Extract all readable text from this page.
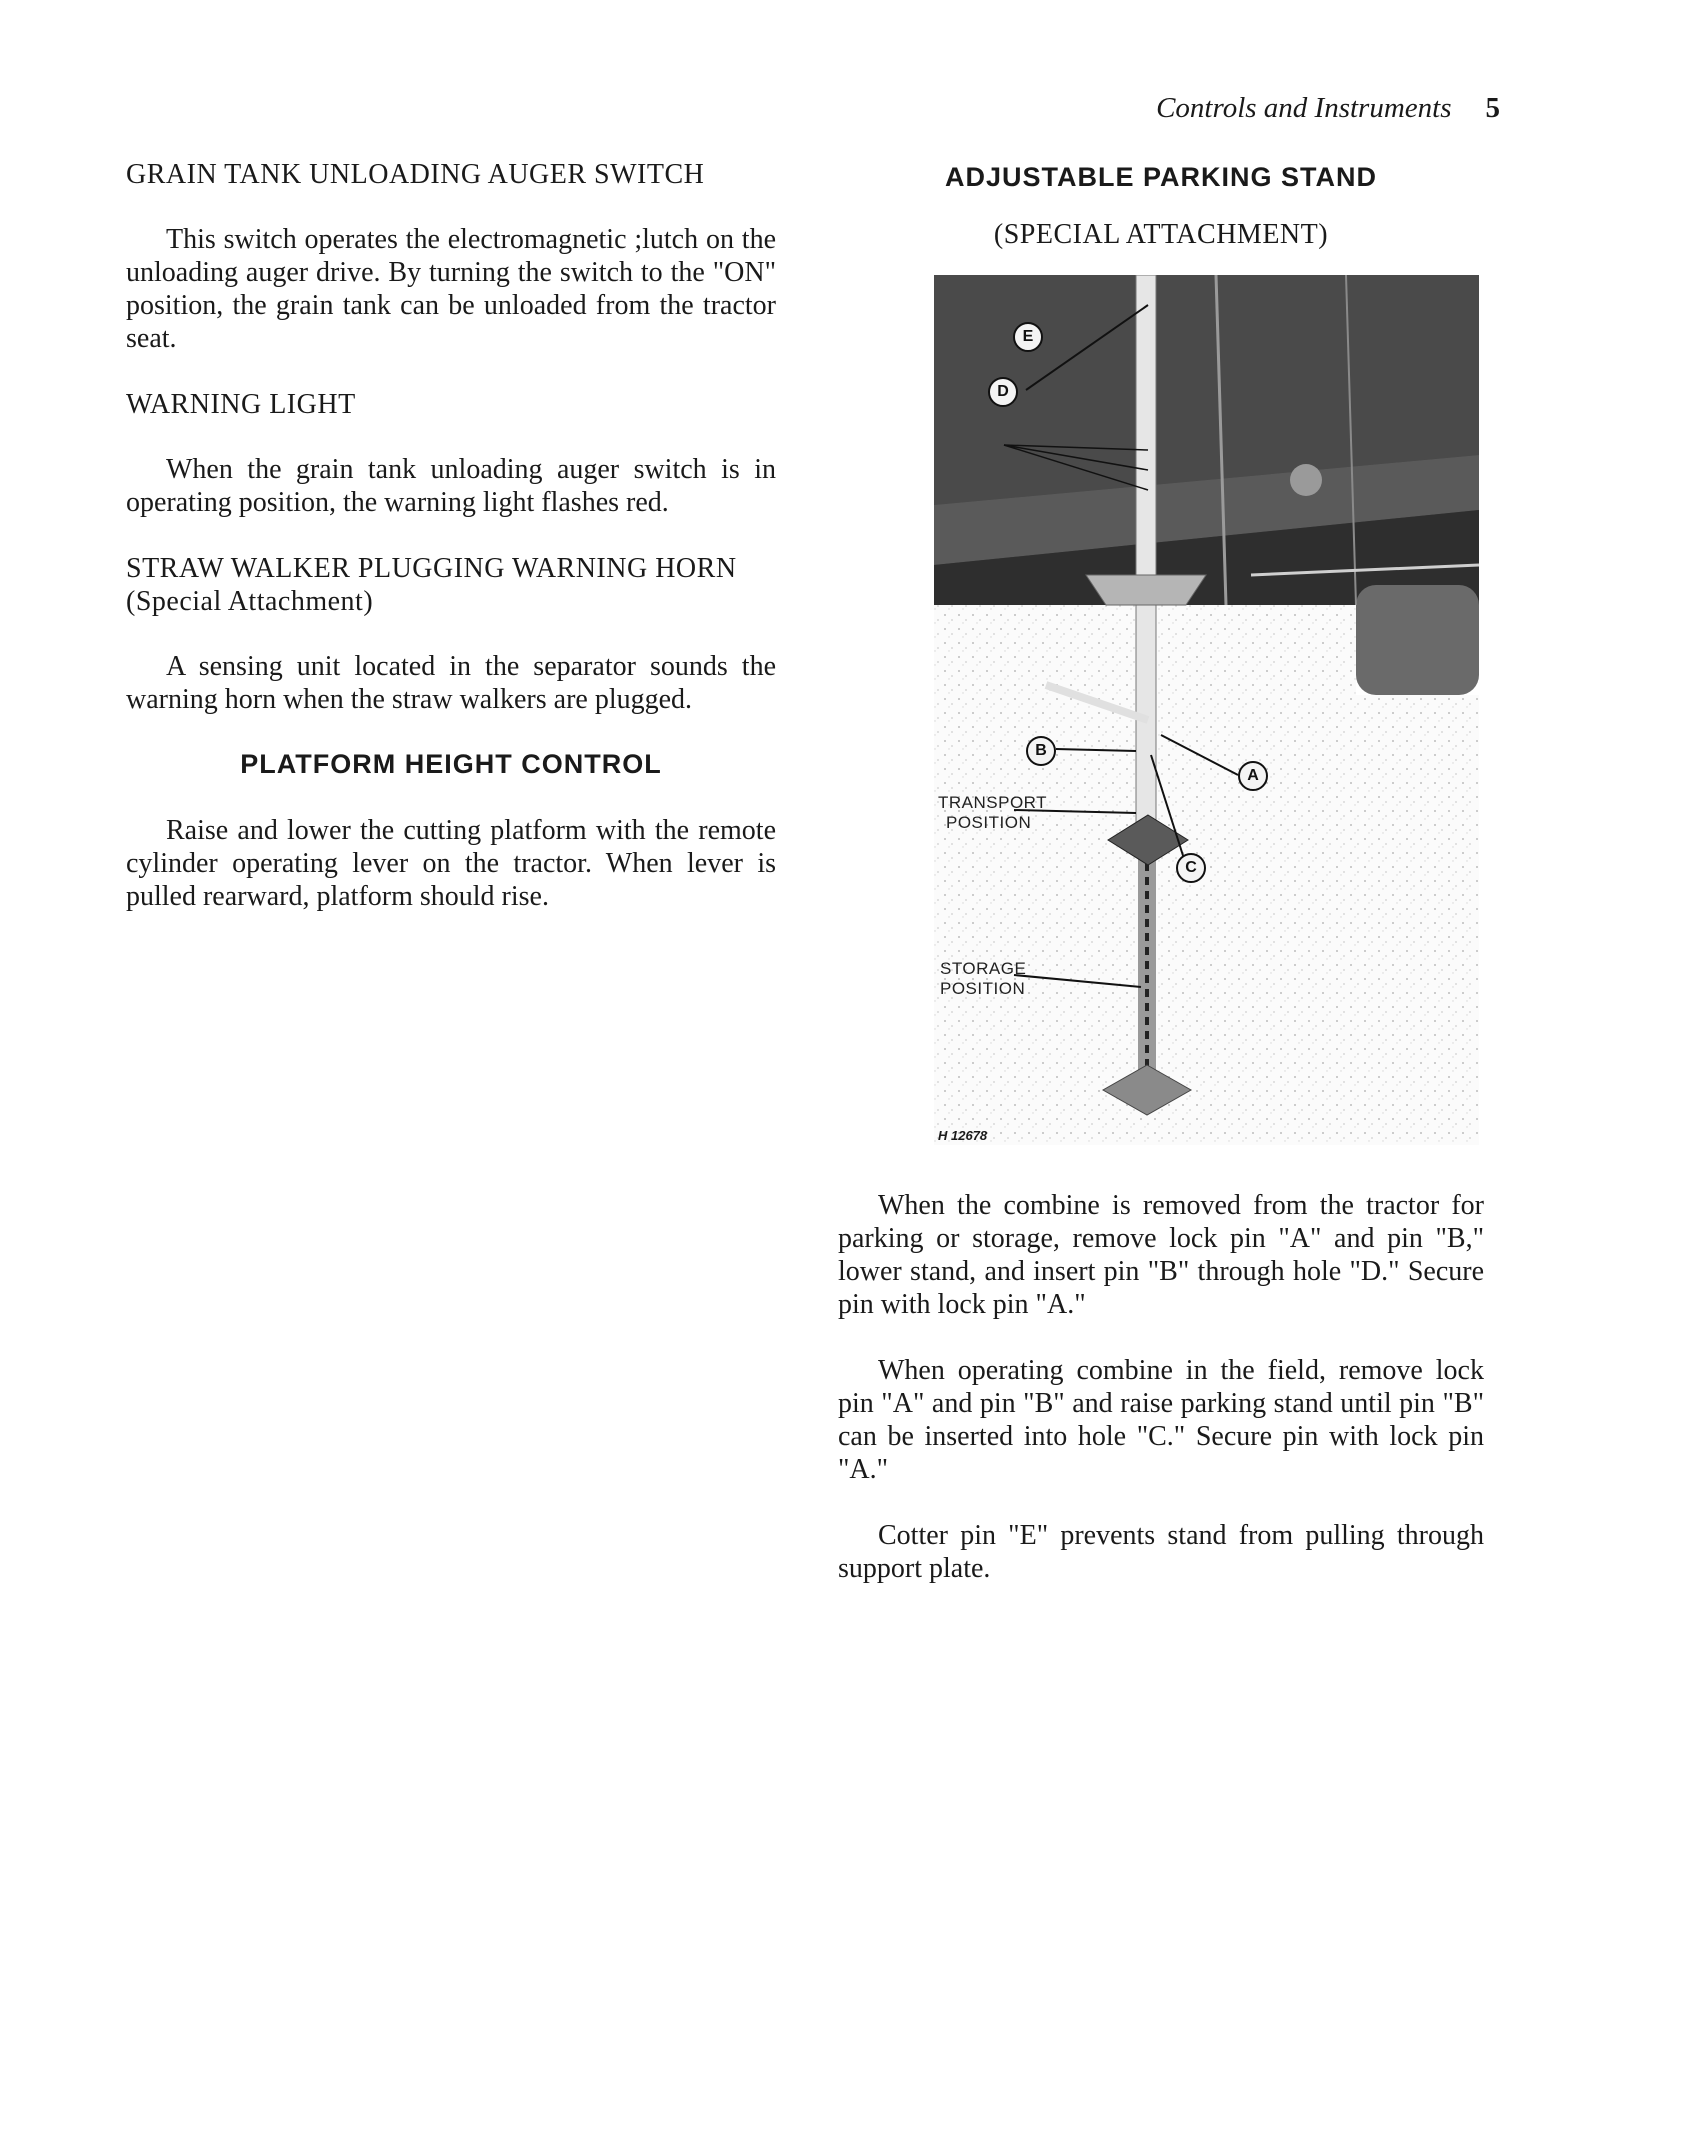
Controls and Instruments 5
GRAIN TANK UNLOADING AUGER SWITCH

This switch operates the electromagnetic ;lutch on the unloading auger drive. By turning the switch to the "ON" position, the grain tank can be unloaded from the tractor seat.

WARNING LIGHT

When the grain tank unloading auger switch is in operating position, the warning light flashes red.

STRAW WALKER PLUGGING WARNING HORN (Special Attachment)

A sensing unit located in the separator sounds the warning horn when the straw walkers are plugged.

PLATFORM HEIGHT CONTROL

Raise and lower the cutting platform with the remote cylinder operating lever on the tractor. When lever is pulled rearward, platform should rise.

ADJUSTABLE PARKING STAND
(SPECIAL ATTACHMENT)
E
D
B
A
C
TRANSPORT
POSITION
STORAGE
POSITION
H 12678

When the combine is removed from the tractor for parking or storage, remove lock pin "A" and pin "B," lower stand, and insert pin "B" through hole "D." Secure pin with lock pin "A."

When operating combine in the field, remove lock pin "A" and pin "B" and raise parking stand until pin "B" can be inserted into hole "C." Secure pin with lock pin "A."

Cotter pin "E" prevents stand from pulling through support plate.
